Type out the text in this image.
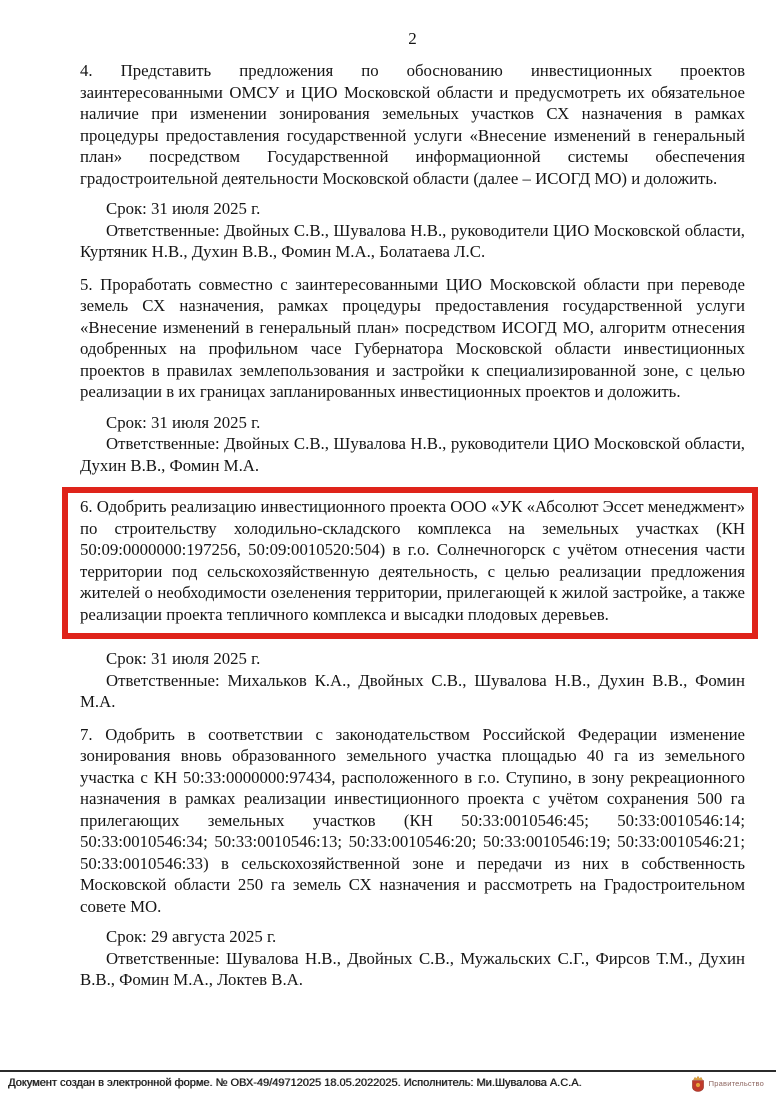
2

4. Представить предложения по обоснованию инвестиционных проектов заинтересованными ОМСУ и ЦИО Московской области и предусмотреть их обязательное наличие при изменении зонирования земельных участков СХ назначения в рамках процедуры предоставления государственной услуги «Внесение изменений в генеральный план» посредством Государственной информационной системы обеспечения градостроительной деятельности Московской области (далее – ИСОГД МО) и доложить.

Срок: 31 июля 2025 г.

Ответственные: Двойных С.В., Шувалова Н.В., руководители ЦИО Московской области, Куртяник Н.В., Духин В.В., Фомин М.А., Болатаева Л.С.

5. Проработать совместно с заинтересованными ЦИО Московской области при переводе земель СХ назначения, рамках процедуры предоставления государственной услуги «Внесение изменений в генеральный план» посредством ИСОГД МО, алгоритм отнесения одобренных на профильном часе Губернатора Московской области инвестиционных проектов в правилах землепользования и застройки к специализированной зоне, с целью реализации в их границах запланированных инвестиционных проектов и доложить.

Срок: 31 июля 2025 г.

Ответственные: Двойных С.В., Шувалова Н.В., руководители ЦИО Московской области, Духин В.В., Фомин М.А.

6. Одобрить реализацию инвестиционного проекта ООО «УК «Абсолют Эссет менеджмент» по строительству холодильно-складского комплекса на земельных участках (КН 50:09:0000000:197256, 50:09:0010520:504) в г.о. Солнечногорск с учётом отнесения части территории под сельскохозяйственную деятельность, с целью реализации предложения жителей о необходимости озеленения территории, прилегающей к жилой застройке, а также реализации проекта тепличного комплекса и высадки плодовых деревьев.

Срок: 31 июля 2025 г.

Ответственные: Михальков К.А., Двойных С.В., Шувалова Н.В., Духин В.В., Фомин М.А.

7. Одобрить в соответствии с законодательством Российской Федерации изменение зонирования вновь образованного земельного участка площадью 40 га из земельного участка с КН 50:33:0000000:97434, расположенного в г.о. Ступино, в зону рекреационного назначения в рамках реализации инвестиционного проекта с учётом сохранения 500 га прилегающих земельных участков (КН 50:33:0010546:45; 50:33:0010546:14; 50:33:0010546:34; 50:33:0010546:13; 50:33:0010546:20; 50:33:0010546:19; 50:33:0010546:21; 50:33:0010546:33) в сельскохозяйственной зоне и передачи из них в собственность Московской области 250 га земель СХ назначения и рассмотреть на Градостроительном совете МО.

Срок: 29 августа 2025 г.

Ответственные: Шувалова Н.В., Двойных С.В., Мужальских С.Г., Фирсов Т.М., Духин В.В., Фомин М.А., Локтев В.А.

Документ создан в электронной форме. № ОВХ-49/49712025 18.05.2022025. Исполнитель: Ми.Шувалова А.С.А.	Правительство
